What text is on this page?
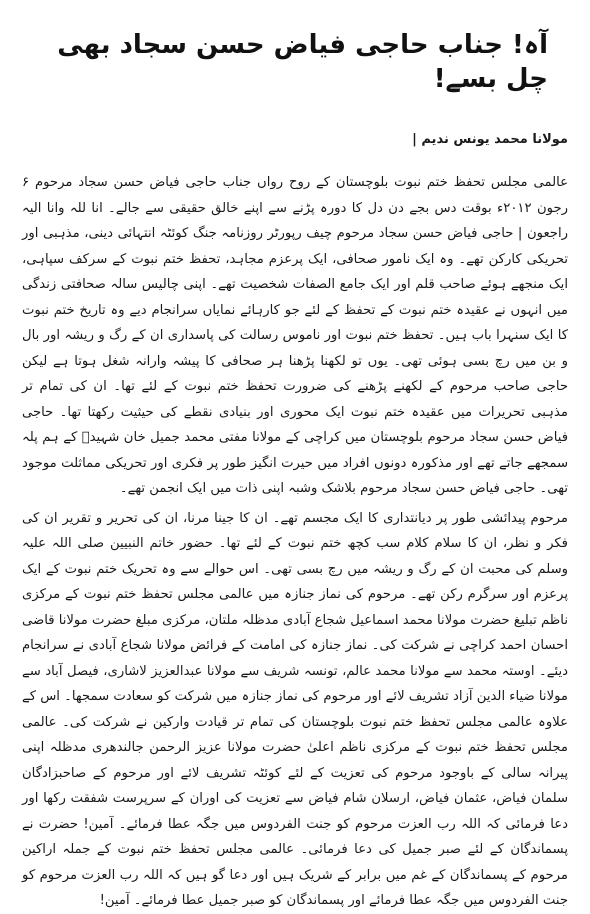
آہ! جناب حاجی فیاض حسن سجاد بھی چل بسے!
مولانا محمد یونس ندیم |

عالمی مجلس تحفظ ختم نبوت بلوچستان کے روح رواں جناب حاجی فیاض حسن سجاد مرحوم ۶ رجون ۲۰۱۲ء بوقت دس بجے دن دل کا دورہ پڑنے سے اپنے خالق حقیقی سے جالے۔ انا للہ وانا الیہ راجعون | حاجی فیاض حسن سجاد مرحوم چیف رپورٹر روزنامہ جنگ کوئٹہ انتہائی دینی، مذہبی اور تحریکی کارکن تھے۔ وہ ایک نامور صحافی، ایک پرعزم مجاہد، تحفظ ختم نبوت کے سرکف سپاہی، ایک منجھے ہوئے صاحب قلم اور ایک جامع الصفات شخصیت تھے۔ اپنی چالیس سالہ صحافتی زندگی میں انہوں نے عقیدہ ختم نبوت کے تحفظ کے لئے جو کارہائے نمایاں سرانجام دیے وہ تاریخ ختم نبوت کا ایک سنہرا باب ہیں۔ تحفظ ختم نبوت اور ناموس رسالت کی پاسداری ان کے رگ و ریشہ اور بال و بن میں رچ بسی ہوئی تھی۔ یوں تو لکھنا پڑھنا ہر صحافی کا پیشہ وارانہ شغل ہوتا ہے لیکن حاجی صاحب مرحوم کے لکھنے پڑھنے کی ضرورت تحفظ ختم نبوت کے لئے تھا۔ ان کی تمام تر مذہبی تحریرات میں عقیدہ ختم نبوت ایک محوری اور بنیادی نقطے کی حیثیت رکھتا تھا۔ حاجی فیاض حسن سجاد مرحوم بلوچستان میں کراچی کے مولانا مفتی محمد جمیل خان شہیدؒ کے ہم پلہ سمجھے جاتے تھے اور مذکورہ دونوں افراد میں حیرت انگیز طور پر فکری اور تحریکی مماثلت موجود تھی۔ حاجی فیاض حسن سجاد مرحوم بلاشک وشبہ اپنی ذات میں ایک انجمن تھے۔

مرحوم پیدائشی طور پر دیانتداری کا ایک مجسم تھے۔ ان کا جینا مرنا، ان کی تحریر و تقریر ان کی فکر و نظر، ان کا سلام کلام سب کچھ ختم نبوت کے لئے تھا۔ حضور خاتم النبیین صلی اللہ علیہ وسلم کی محبت ان کے رگ و ریشہ میں رچ بسی تھی۔ اس حوالے سے وہ تحریک ختم نبوت کے ایک پرعزم اور سرگرم رکن تھے۔ مرحوم کی نماز جنازہ میں عالمی مجلس تحفظ ختم نبوت کے مرکزی ناظم تبلیغ حضرت مولانا محمد اسماعیل شجاع آبادی مدظلہ ملتان، مرکزی مبلغ حضرت مولانا قاضی احسان احمد کراچی نے شرکت کی۔ نماز جنازہ کی امامت کے فرائض مولانا شجاع آبادی نے سرانجام دیئے۔ اوستہ محمد سے مولانا محمد عالم، تونسہ شریف سے مولانا عبدالعزیز لاشاری، فیصل آباد سے مولانا ضیاء الدین آزاد تشریف لائے اور مرحوم کی نماز جنازہ میں شرکت کو سعادت سمجھا۔ اس کے علاوہ عالمی مجلس تحفظ ختم نبوت بلوچستان کی تمام تر قیادت وارکین نے شرکت کی۔ عالمی مجلس تحفظ ختم نبوت کے مرکزی ناظم اعلیٰ حضرت مولانا عزیز الرحمن جالندھری مدظلہ اپنی پیرانہ سالی کے باوجود مرحوم کی تعزیت کے لئے کوئٹہ تشریف لائے اور مرحوم کے صاحبزادگان سلمان فیاض، عثمان فیاض، ارسلان شام فیاض سے تعزیت کی اوران کے سرپرست شفقت رکھا اور دعا فرمائی کہ اللہ رب العزت مرحوم کو جنت الفردوس میں جگہ عطا فرمائے۔ آمین! حضرت نے پسماندگان کے لئے صبر جمیل کی دعا فرمائی۔ عالمی مجلس تحفظ ختم نبوت کے جملہ اراکین مرحوم کے پسماندگان کے غم میں برابر کے شریک ہیں اور دعا گو ہیں کہ اللہ رب العزت مرحوم کو جنت الفردوس میں جگہ عطا فرمائے اور پسماندگان کو صبر جمیل عطا فرمائے۔ آمین!
